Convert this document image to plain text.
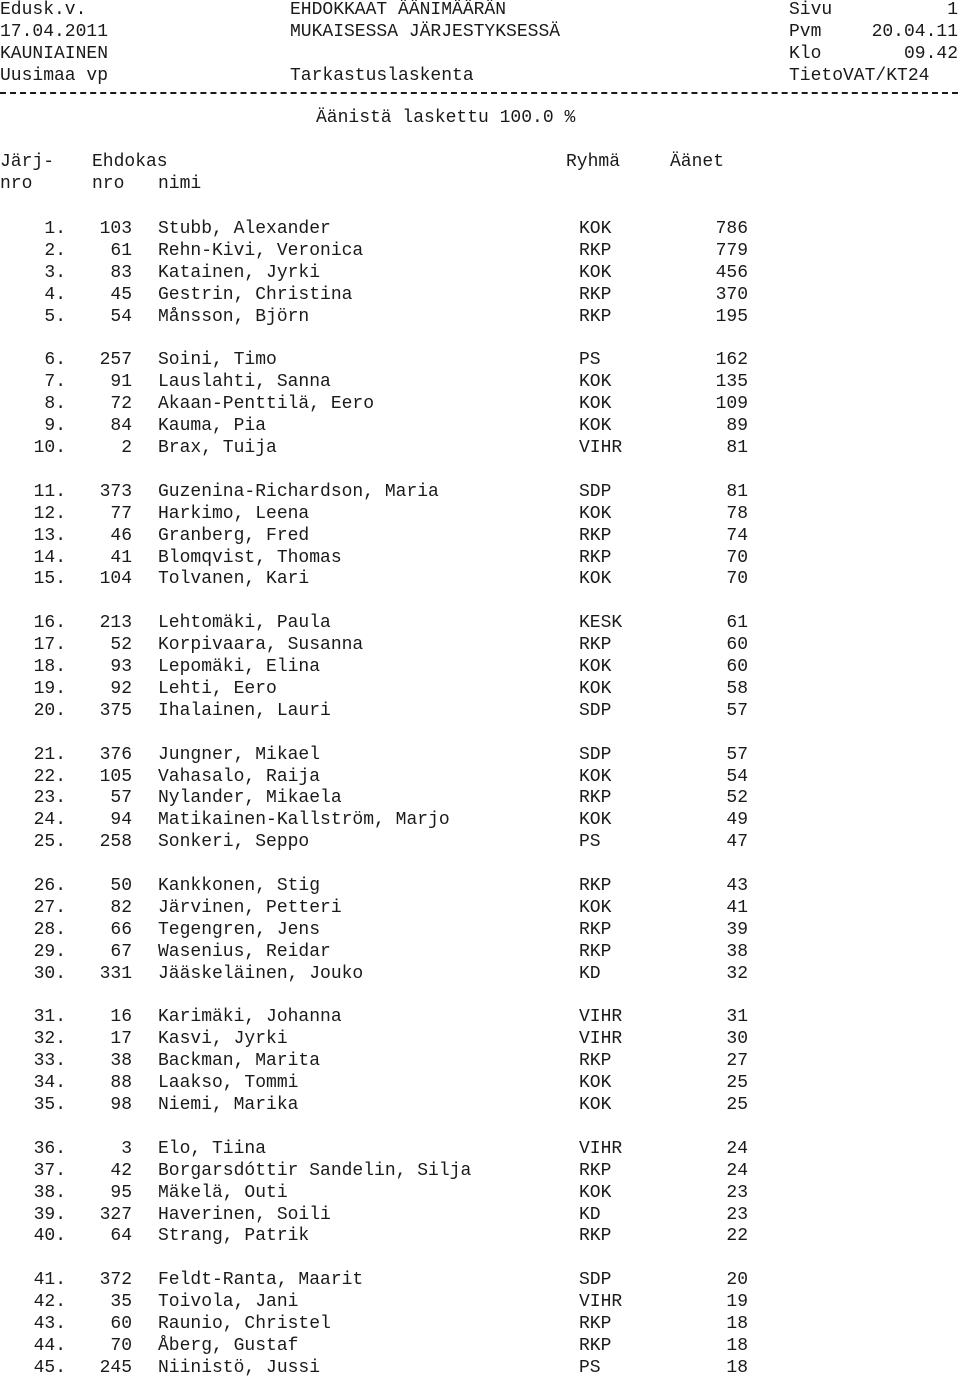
Edusk.v.	EHDOKKAAT ÄÄNIMÄÄRÄN	Sivu	1
17.04.2011	MUKAISESSA JÄRJESTYKSESSÄ	Pvm	20.04.11
KAUNIAINEN	Klo	09.42
Uusimaa vp	Tarkastuslaskenta	TietoVAT/KT24
Äänistä laskettu 100.0 %
Järj- Ehdokas	Ryhmä	Äänet
nro	nro nimi
1.	103 Stubb, Alexander	KOK	786
2.	61 Rehn-Kivi, Veronica	RKP	779
3.	83 Katainen, Jyrki	KOK	456
4.	45 Gestrin, Christina	RKP	370
5.	54 Månsson, Björn	RKP	195
6.	257 Soini, Timo	PS	162
7.	91 Lauslahti, Sanna	KOK	135
8.	72 Akaan-Penttilä, Eero	KOK	109
9.	84 Kauma, Pia	KOK	89
10.	2 Brax, Tuija	VIHR	81
11.	373 Guzenina-Richardson, Maria	SDP	81
12.	77 Harkimo, Leena	KOK	78
13.	46 Granberg, Fred	RKP	74
14.	41 Blomqvist, Thomas	RKP	70
15.	104 Tolvanen, Kari	KOK	70
16.	213 Lehtomäki, Paula	KESK	61
17.	52 Korpivaara, Susanna	RKP	60
18.	93 Lepomäki, Elina	KOK	60
19.	92 Lehti, Eero	KOK	58
20.	375 Ihalainen, Lauri	SDP	57
21.	376 Jungner, Mikael	SDP	57
22.	105 Vahasalo, Raija	KOK	54
23.	57 Nylander, Mikaela	RKP	52
24.	94 Matikainen-Kallström, Marjo	KOK	49
25.	258 Sonkeri, Seppo	PS	47
26.	50 Kankkonen, Stig	RKP	43
27.	82 Järvinen, Petteri	KOK	41
28.	66 Tegengren, Jens	RKP	39
29.	67 Wasenius, Reidar	RKP	38
30.	331 Jääskeläinen, Jouko	KD	32
31.	16 Karimäki, Johanna	VIHR	31
32.	17 Kasvi, Jyrki	VIHR	30
33.	38 Backman, Marita	RKP	27
34.	88 Laakso, Tommi	KOK	25
35.	98 Niemi, Marika	KOK	25
36.	3 Elo, Tiina	VIHR	24
37.	42 Borgarsdóttir Sandelin, Silja	RKP	24
38.	95 Mäkelä, Outi	KOK	23
39.	327 Haverinen, Soili	KD	23
40.	64 Strang, Patrik	RKP	22
41.	372 Feldt-Ranta, Maarit	SDP	20
42.	35 Toivola, Jani	VIHR	19
43.	60 Raunio, Christel	RKP	18
44.	70 Åberg, Gustaf	RKP	18
45.	245 Niinistö, Jussi	PS	18
